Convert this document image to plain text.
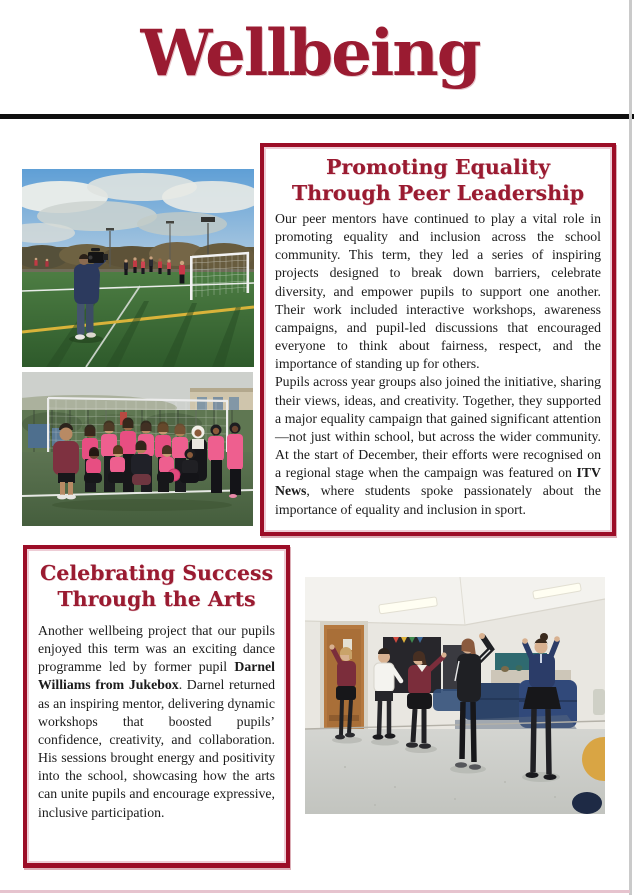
Wellbeing
Promoting Equality Through Peer Leadership

Our peer mentors have continued to play a vital role in promoting equality and inclusion across the school community. This term, they led a series of inspiring projects designed to break down barriers, celebrate diversity, and empower pupils to support one another. Their work included interactive workshops, awareness campaigns, and pupil-led discussions that encouraged everyone to think about fairness, respect, and the importance of standing up for others.

Pupils across year groups also joined the initiative, sharing their views, ideas, and creativity. Together, they supported a major equality campaign that gained significant attention—not just within school, but across the wider community. At the start of December, their efforts were recognised on a regional stage when the campaign was featured on ITV News, where students spoke passionately about the importance of equality and inclusion in sport.

Celebrating Success Through the Arts

Another wellbeing project that our pupils enjoyed this term was an exciting dance programme led by former pupil Darnel Williams from Jukebox. Darnel returned as an inspiring mentor, delivering dynamic workshops that boosted pupils’ confidence, creativity, and collaboration. His sessions brought energy and positivity into the school, showcasing how the arts can unite pupils and encourage expressive, inclusive participation.
